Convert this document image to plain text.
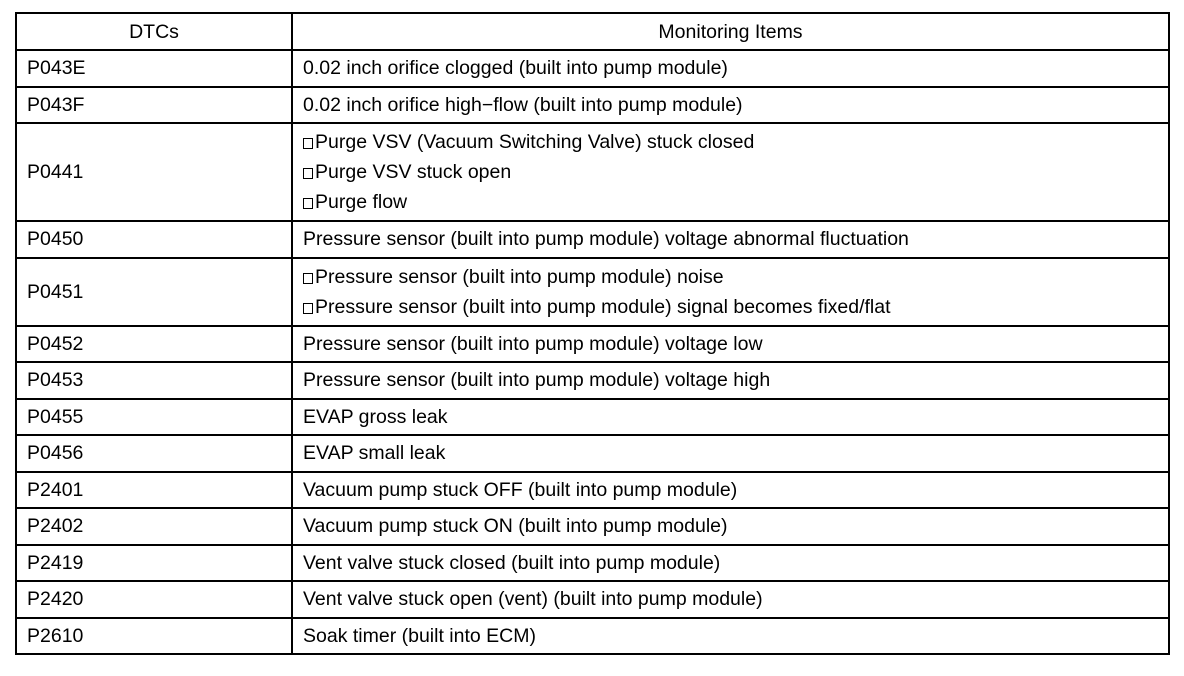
DTCs	Monitoring Items
P043E	0.02 inch orifice clogged (built into pump module)

P043F	0.02 inch orifice high−flow (built into pump module)

P0441	Purge VSV (Vacuum Switching Valve) stuck closed
Purge VSV stuck open
Purge flow

P0450	Pressure sensor (built into pump module) voltage abnormal fluctuation

P0451	Pressure sensor (built into pump module) noise
Pressure sensor (built into pump module) signal becomes fixed/flat

P0452	Pressure sensor (built into pump module) voltage low

P0453	Pressure sensor (built into pump module) voltage high

P0455	EVAP gross leak

P0456	EVAP small leak

P2401	Vacuum pump stuck OFF (built into pump module)

P2402	Vacuum pump stuck ON (built into pump module)

P2419	Vent valve stuck closed (built into pump module)

P2420	Vent valve stuck open (vent) (built into pump module)

P2610	Soak timer (built into ECM)
